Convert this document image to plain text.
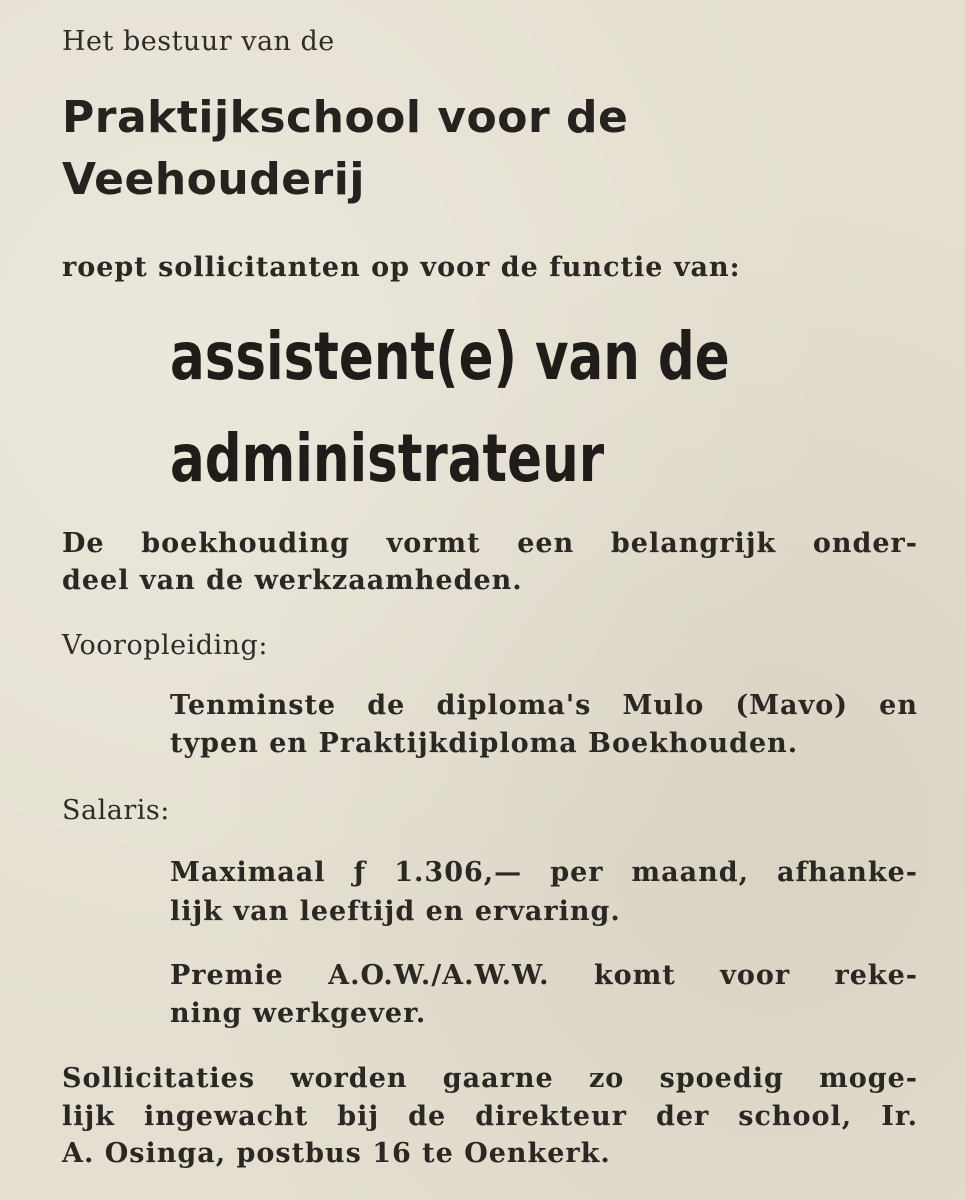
Het bestuur van de

Praktijkschool voor de

Veehouderij

roept sollicitanten op voor de functie van:

assistent(e) van de

administrateur

De boekhouding vormt een belangrijk onder-

deel van de werkzaamheden.

Vooropleiding:

Tenminste de diploma's Mulo (Mavo) en

typen en Praktijkdiploma Boekhouden.

Salaris:

Maximaal ƒ 1.306,— per maand, afhanke-

lijk van leeftijd en ervaring.

Premie A.O.W./A.W.W. komt voor reke-

ning werkgever.

Sollicitaties worden gaarne zo spoedig moge-

lijk ingewacht bij de direkteur der school, Ir.

A. Osinga, postbus 16 te Oenkerk.
